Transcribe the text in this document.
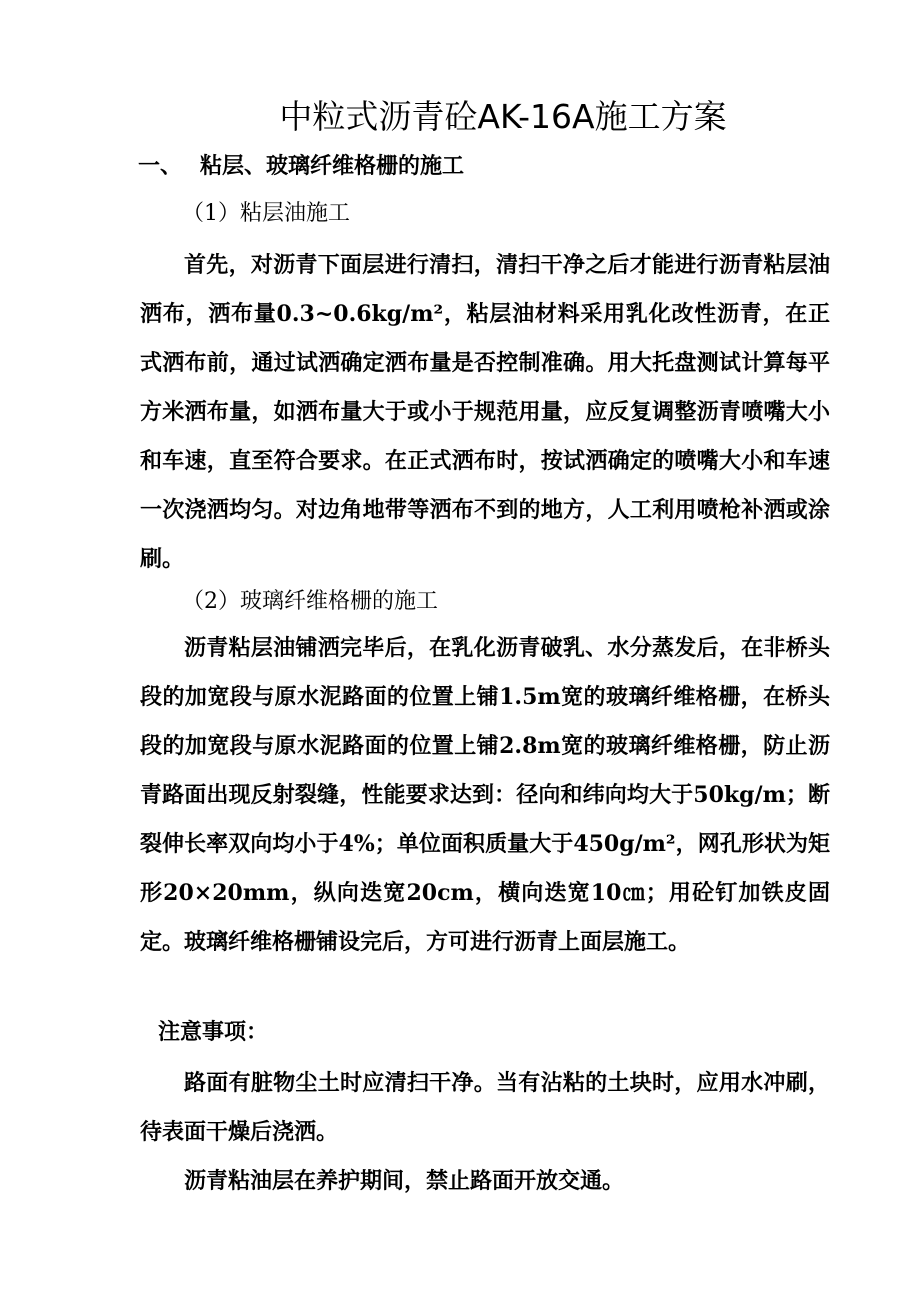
中粒式沥青砼AK-16A施工方案
一、 粘层、玻璃纤维格栅的施工
（1）粘层油施工

首先，对沥青下面层进行清扫，清扫干净之后才能进行沥青粘层油洒布，洒布量0.3~0.6kg/m²，粘层油材料采用乳化改性沥青，在正式洒布前，通过试洒确定洒布量是否控制准确。用大托盘测试计算每平方米洒布量，如洒布量大于或小于规范用量，应反复调整沥青喷嘴大小和车速，直至符合要求。在正式洒布时，按试洒确定的喷嘴大小和车速一次浇洒均匀。对边角地带等洒布不到的地方，人工利用喷枪补洒或涂刷。

（2）玻璃纤维格栅的施工

沥青粘层油铺洒完毕后，在乳化沥青破乳、水分蒸发后，在非桥头段的加宽段与原水泥路面的位置上铺1.5m宽的玻璃纤维格栅，在桥头段的加宽段与原水泥路面的位置上铺2.8m宽的玻璃纤维格栅，防止沥青路面出现反射裂缝，性能要求达到：径向和纬向均大于50kg/m；断裂伸长率双向均小于4%；单位面积质量大于450g/m²，网孔形状为矩形20×20mm，纵向迭宽20cm，横向迭宽10㎝；用砼钉加铁皮固定。玻璃纤维格栅铺设完后，方可进行沥青上面层施工。

注意事项：

路面有脏物尘土时应清扫干净。当有沾粘的土块时，应用水冲刷，待表面干燥后浇洒。

沥青粘油层在养护期间，禁止路面开放交通。
